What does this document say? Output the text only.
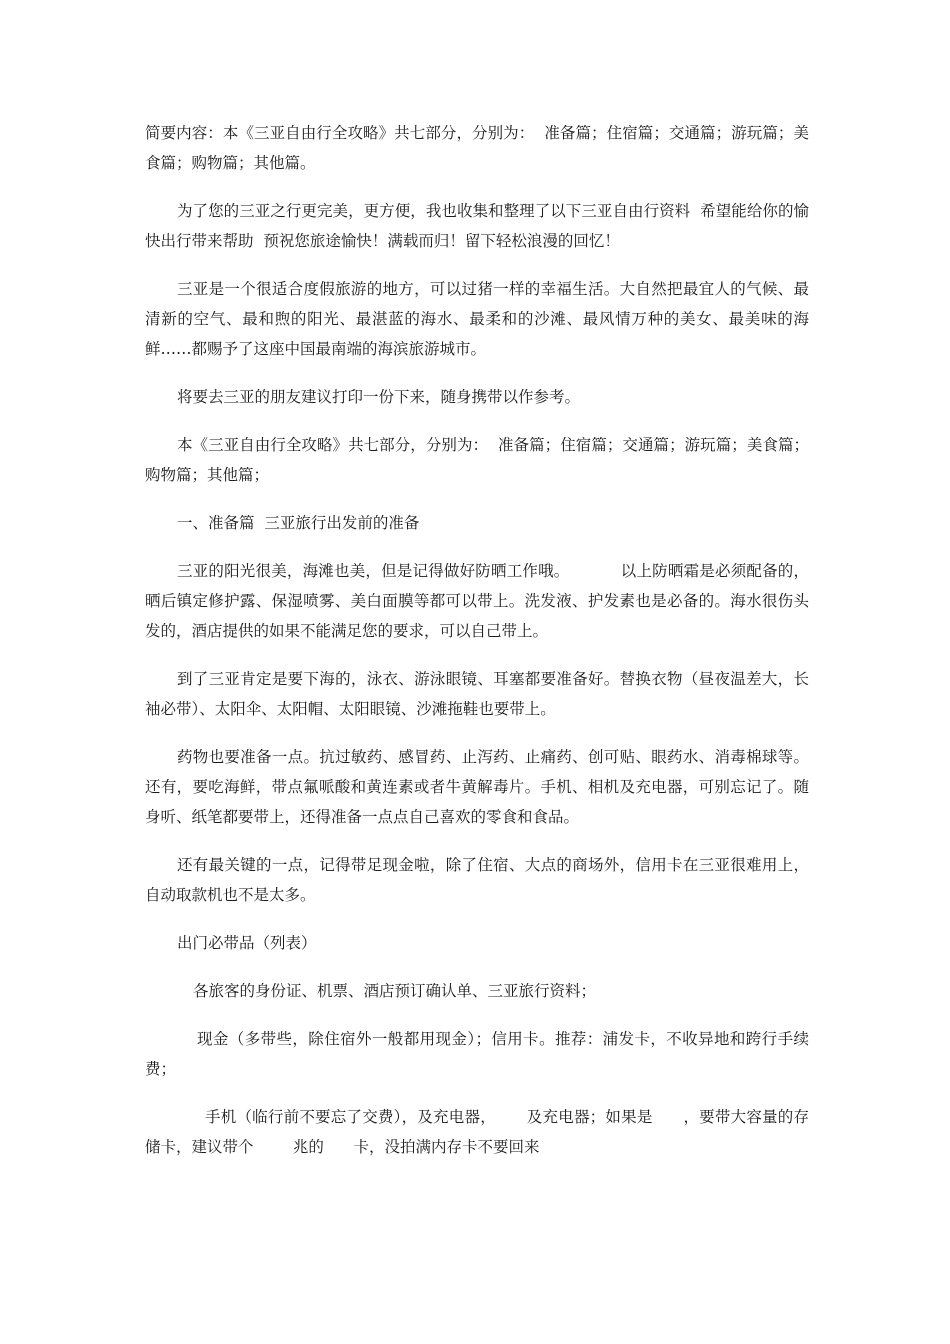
简要内容：本《三亚自由行全攻略》共七部分，分别为：  准备篇；住宿篇；交通篇；游玩篇；美食篇；购物篇；其他篇。

为了您的三亚之行更完美，更方便，我也收集和整理了以下三亚自由行资料  希望能给你的愉快出行带来帮助  预祝您旅途愉快！满载而归！留下轻松浪漫的回忆！

三亚是一个很适合度假旅游的地方，可以过猪一样的幸福生活。大自然把最宜人的气候、最清新的空气、最和煦的阳光、最湛蓝的海水、最柔和的沙滩、最风情万种的美女、最美味的海鲜……都赐予了这座中国最南端的海滨旅游城市。

将要去三亚的朋友建议打印一份下来，随身携带以作参考。

本《三亚自由行全攻略》共七部分，分别为：  准备篇；住宿篇；交通篇；游玩篇；美食篇；购物篇；其他篇；

一、准备篇  三亚旅行出发前的准备

三亚的阳光很美，海滩也美，但是记得做好防晒工作哦。          以上防晒霜是必须配备的，晒后镇定修护露、保湿喷雾、美白面膜等都可以带上。洗发液、护发素也是必备的。海水很伤头发的，酒店提供的如果不能满足您的要求，可以自己带上。

到了三亚肯定是要下海的，泳衣、游泳眼镜、耳塞都要准备好。替换衣物（昼夜温差大，长袖必带）、太阳伞、太阳帽、太阳眼镜、沙滩拖鞋也要带上。

药物也要准备一点。抗过敏药、感冒药、止泻药、止痛药、创可贴、眼药水、消毒棉球等。还有，要吃海鲜，带点氟哌酸和黄连素或者牛黄解毒片。手机、相机及充电器，可别忘记了。随身听、纸笔都要带上，还得准备一点点自己喜欢的零食和食品。

还有最关键的一点，记得带足现金啦，除了住宿、大点的商场外，信用卡在三亚很难用上，自动取款机也不是太多。

出门必带品（列表）

各旅客的身份证、机票、酒店预订确认单、三亚旅行资料；

现金（多带些，除住宿外一般都用现金）；信用卡。推荐：浦发卡，不收异地和跨行手续费；

手机（临行前不要忘了交费），及充电器，      及充电器；如果是      ，要带大容量的存储卡，建议带个        兆的      卡，没拍满内存卡不要回来
